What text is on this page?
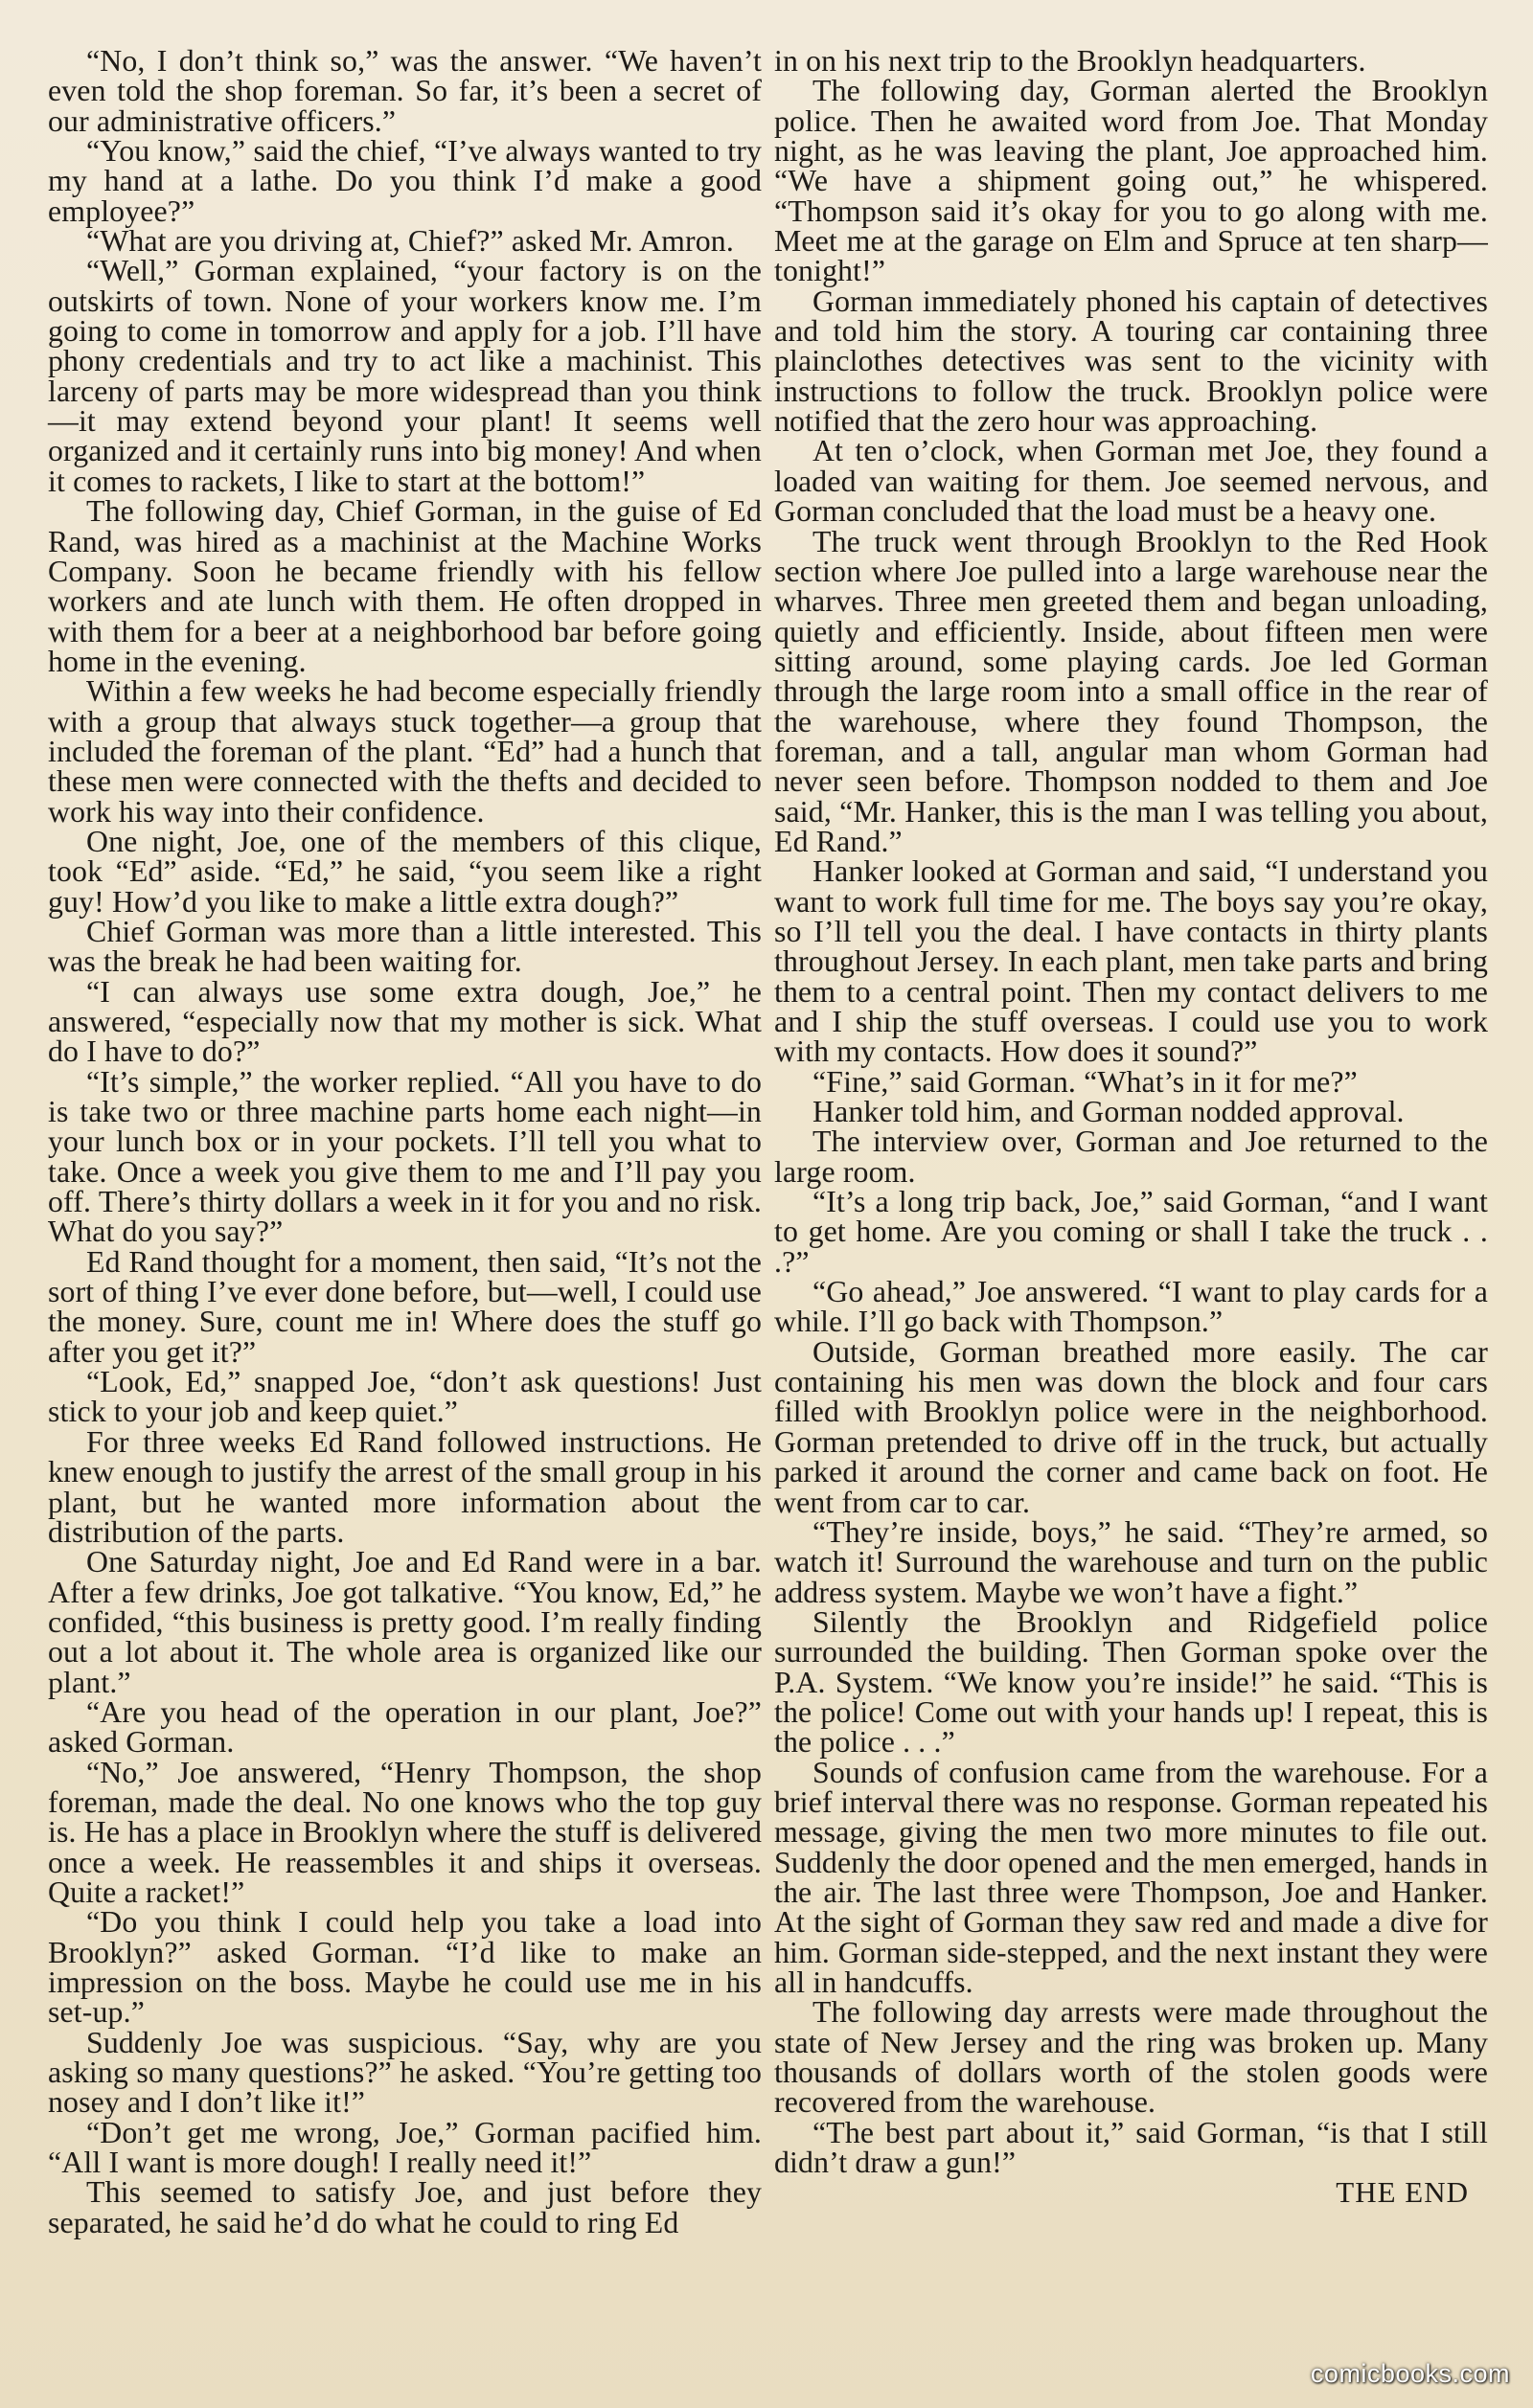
“No, I don’t think so,” was the answer. “We haven’t even told the shop foreman. So far, it’s been a secret of our administrative officers.”

“You know,” said the chief, “I’ve always wanted to try my hand at a lathe. Do you think I’d make a good employee?”

“What are you driving at, Chief?” asked Mr. Amron.

“Well,” Gorman explained, “your factory is on the outskirts of town. None of your workers know me. I’m going to come in tomorrow and apply for a job. I’ll have phony credentials and try to act like a machinist. This larceny of parts may be more widespread than you think—it may extend beyond your plant! It seems well organized and it certainly runs into big money! And when it comes to rackets, I like to start at the bottom!”

The following day, Chief Gorman, in the guise of Ed Rand, was hired as a machinist at the Machine Works Company. Soon he became friendly with his fellow workers and ate lunch with them. He often dropped in with them for a beer at a neighborhood bar before going home in the evening.

Within a few weeks he had become especially friendly with a group that always stuck together—a group that included the foreman of the plant. “Ed” had a hunch that these men were connected with the thefts and decided to work his way into their confidence.

One night, Joe, one of the members of this clique, took “Ed” aside. “Ed,” he said, “you seem like a right guy! How’d you like to make a little extra dough?”

Chief Gorman was more than a little interested. This was the break he had been waiting for.

“I can always use some extra dough, Joe,” he answered, “especially now that my mother is sick. What do I have to do?”

“It’s simple,” the worker replied. “All you have to do is take two or three machine parts home each night—in your lunch box or in your pockets. I’ll tell you what to take. Once a week you give them to me and I’ll pay you off. There’s thirty dollars a week in it for you and no risk. What do you say?”

Ed Rand thought for a moment, then said, “It’s not the sort of thing I’ve ever done before, but—well, I could use the money. Sure, count me in! Where does the stuff go after you get it?”

“Look, Ed,” snapped Joe, “don’t ask questions! Just stick to your job and keep quiet.”

For three weeks Ed Rand followed instructions. He knew enough to justify the arrest of the small group in his plant, but he wanted more information about the distribution of the parts.

One Saturday night, Joe and Ed Rand were in a bar. After a few drinks, Joe got talkative. “You know, Ed,” he confided, “this business is pretty good. I’m really finding out a lot about it. The whole area is organized like our plant.”

“Are you head of the operation in our plant, Joe?” asked Gorman.

“No,” Joe answered, “Henry Thompson, the shop foreman, made the deal. No one knows who the top guy is. He has a place in Brooklyn where the stuff is delivered once a week. He reassembles it and ships it overseas. Quite a racket!”

“Do you think I could help you take a load into Brooklyn?” asked Gorman. “I’d like to make an impression on the boss. Maybe he could use me in his set-up.”

Suddenly Joe was suspicious. “Say, why are you asking so many questions?” he asked. “You’re getting too nosey and I don’t like it!”

“Don’t get me wrong, Joe,” Gorman pacified him. “All I want is more dough! I really need it!”

This seemed to satisfy Joe, and just before they separated, he said he’d do what he could to ring Ed

in on his next trip to the Brooklyn headquarters.

The following day, Gorman alerted the Brooklyn police. Then he awaited word from Joe. That Monday night, as he was leaving the plant, Joe approached him. “We have a shipment going out,” he whispered. “Thompson said it’s okay for you to go along with me. Meet me at the garage on Elm and Spruce at ten sharp—tonight!”

Gorman immediately phoned his captain of detectives and told him the story. A touring car containing three plainclothes detectives was sent to the vicinity with instructions to follow the truck. Brooklyn police were notified that the zero hour was approaching.

At ten o’clock, when Gorman met Joe, they found a loaded van waiting for them. Joe seemed nervous, and Gorman concluded that the load must be a heavy one.

The truck went through Brooklyn to the Red Hook section where Joe pulled into a large warehouse near the wharves. Three men greeted them and began unloading, quietly and efficiently. Inside, about fifteen men were sitting around, some playing cards. Joe led Gorman through the large room into a small office in the rear of the warehouse, where they found Thompson, the foreman, and a tall, angular man whom Gorman had never seen before. Thompson nodded to them and Joe said, “Mr. Hanker, this is the man I was telling you about, Ed Rand.”

Hanker looked at Gorman and said, “I understand you want to work full time for me. The boys say you’re okay, so I’ll tell you the deal. I have contacts in thirty plants throughout Jersey. In each plant, men take parts and bring them to a central point. Then my contact delivers to me and I ship the stuff overseas. I could use you to work with my contacts. How does it sound?”

“Fine,” said Gorman. “What’s in it for me?”

Hanker told him, and Gorman nodded approval.

The interview over, Gorman and Joe returned to the large room.

“It’s a long trip back, Joe,” said Gorman, “and I want to get home. Are you coming or shall I take the truck . . .?”

“Go ahead,” Joe answered. “I want to play cards for a while. I’ll go back with Thompson.”

Outside, Gorman breathed more easily. The car containing his men was down the block and four cars filled with Brooklyn police were in the neighborhood. Gorman pretended to drive off in the truck, but actually parked it around the corner and came back on foot. He went from car to car.

“They’re inside, boys,” he said. “They’re armed, so watch it! Surround the warehouse and turn on the public address system. Maybe we won’t have a fight.”

Silently the Brooklyn and Ridgefield police surrounded the building. Then Gorman spoke over the P.A. System. “We know you’re inside!” he said. “This is the police! Come out with your hands up! I repeat, this is the police . . .”

Sounds of confusion came from the warehouse. For a brief interval there was no response. Gorman repeated his message, giving the men two more minutes to file out. Suddenly the door opened and the men emerged, hands in the air. The last three were Thompson, Joe and Hanker. At the sight of Gorman they saw red and made a dive for him. Gorman side-stepped, and the next instant they were all in handcuffs.

The following day arrests were made throughout the state of New Jersey and the ring was broken up. Many thousands of dollars worth of the stolen goods were recovered from the warehouse.

“The best part about it,” said Gorman, “is that I still didn’t draw a gun!”

THE END

comicbooks.com
